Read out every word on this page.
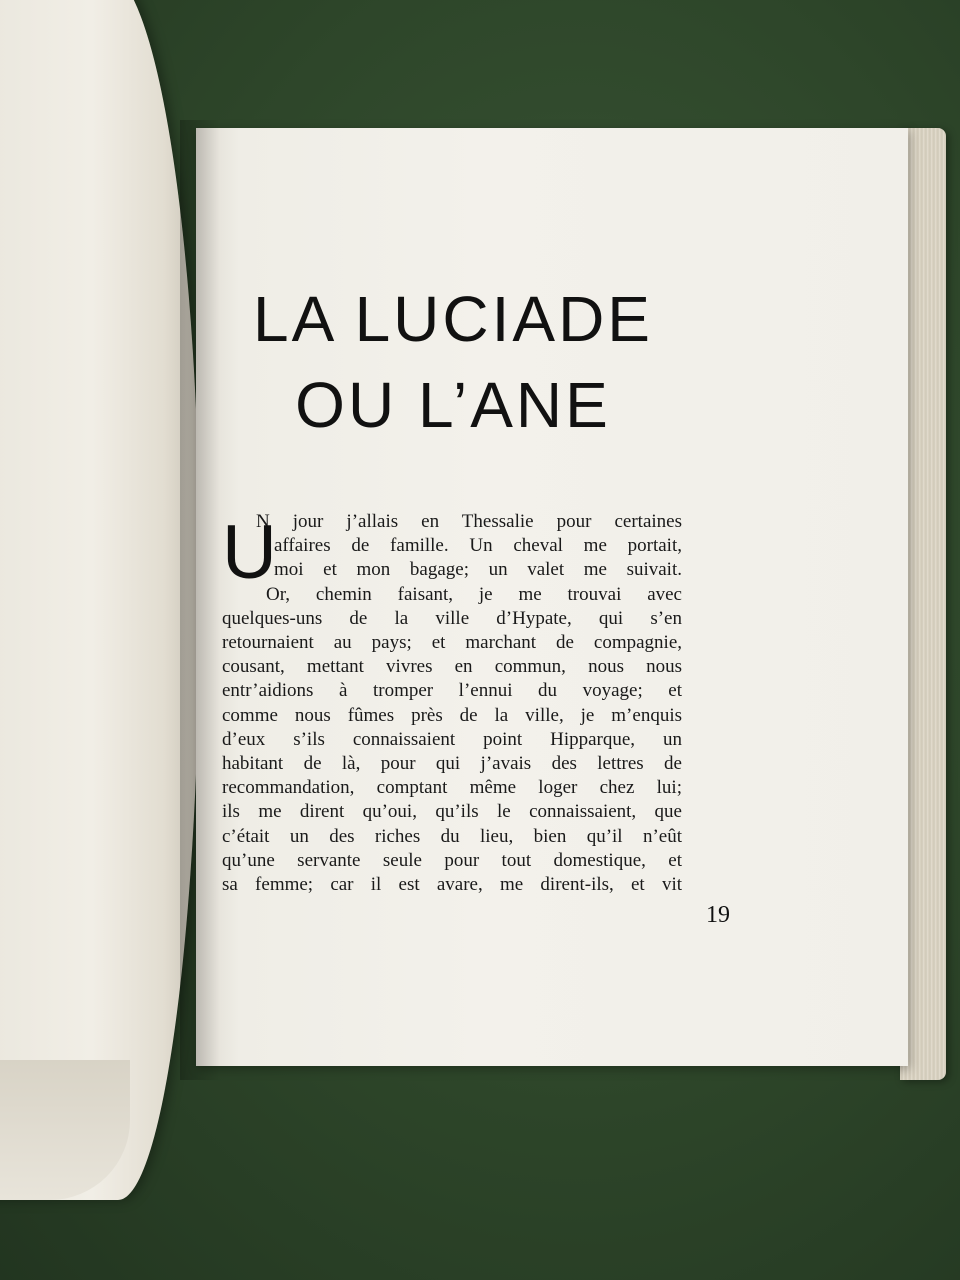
LA LUCIADE
OU L’ANE
U
N jour j’allais en Thessalie pour certaines
affaires de famille. Un cheval me portait,
moi et mon bagage; un valet me suivait.
Or, chemin faisant, je me trouvai avec
quelques-uns de la ville d’Hypate, qui s’en
retournaient au pays; et marchant de compagnie,
cousant, mettant vivres en commun, nous nous
entr’aidions à tromper l’ennui du voyage; et
comme nous fûmes près de la ville, je m’enquis
d’eux s’ils connaissaient point Hipparque, un
habitant de là, pour qui j’avais des lettres de
recommandation, comptant même loger chez lui;
ils me dirent qu’oui, qu’ils le connaissaient, que
c’était un des riches du lieu, bien qu’il n’eût
qu’une servante seule pour tout domestique, et
sa femme; car il est avare, me dirent-ils, et vit
19
